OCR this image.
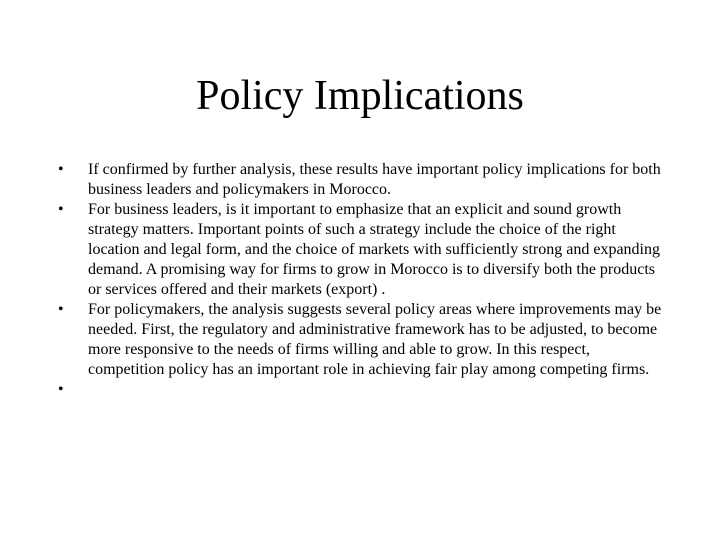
Policy Implications
•	If confirmed by further analysis, these results have important policy implications for both business leaders and policymakers in Morocco.
•	For business leaders, is it important to emphasize that an explicit and sound growth strategy matters. Important points of such a strategy include the choice of the right location and legal form, and the choice of markets with sufficiently strong and expanding demand. A promising way for firms to grow in Morocco is to diversify both the products or services offered and their markets (export) .
•	For policymakers, the analysis suggests several policy areas where improvements may be needed. First, the regulatory and administrative framework has to be adjusted, to become more responsive to the needs of firms willing and able to grow. In this respect, competition policy has an important role in achieving fair play among competing firms.
•
